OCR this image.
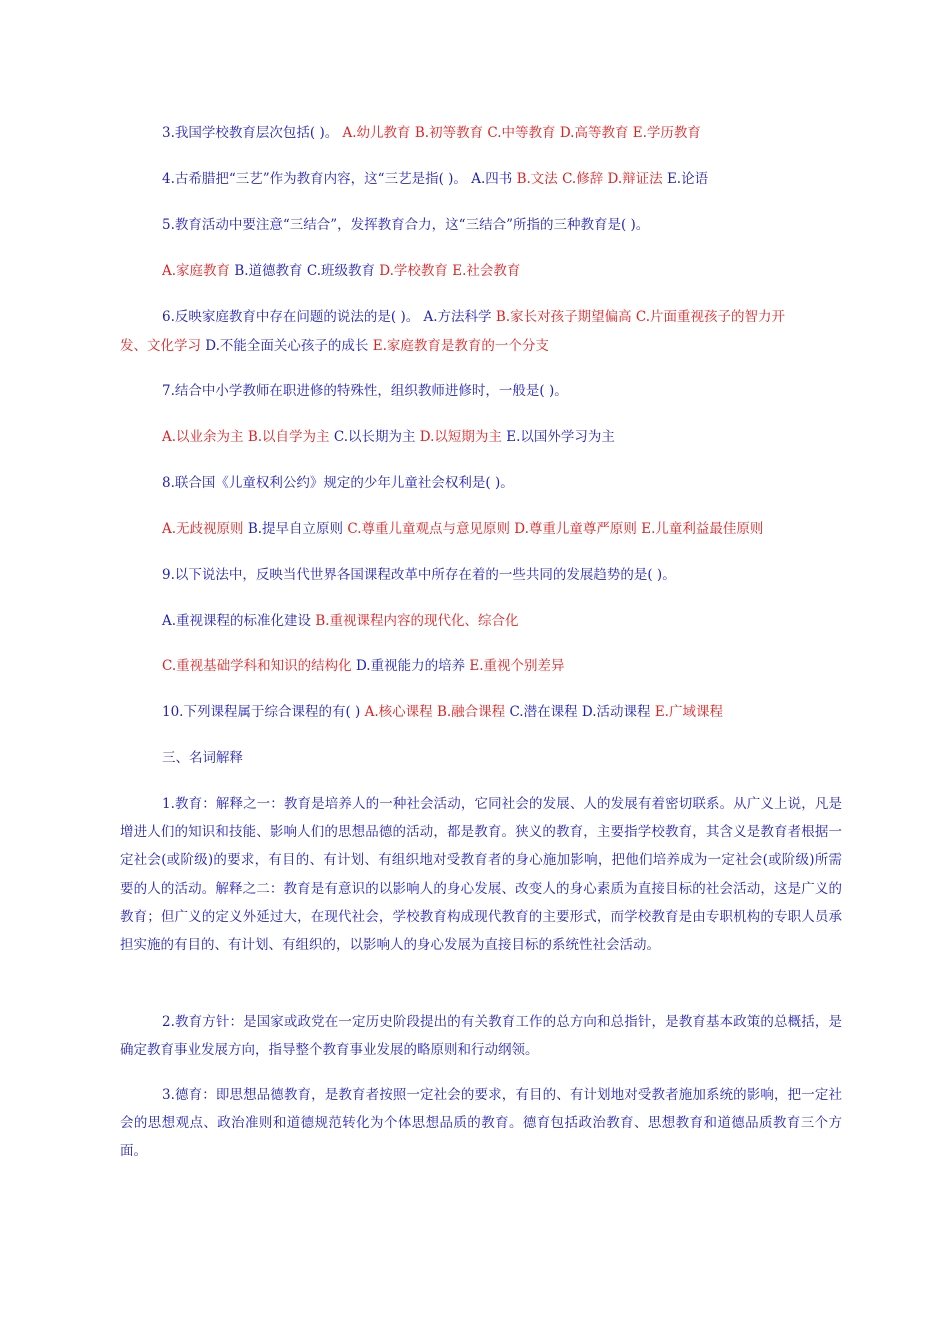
3.我国学校教育层次包括( )。 A.幼儿教育 B.初等教育 C.中等教育 D.高等教育 E.学历教育
4.古希腊把“三艺”作为教育内容，这“三艺是指( )。 A.四书 B.文法 C.修辞 D.辩证法 E.论语
5.教育活动中要注意“三结合”，发挥教育合力，这“三结合”所指的三种教育是( )。
A.家庭教育 B.道德教育 C.班级教育 D.学校教育 E.社会教育
6.反映家庭教育中存在问题的说法的是( )。 A.方法科学 B.家长对孩子期望偏高 C.片面重视孩子的智力开
发、文化学习 D.不能全面关心孩子的成长 E.家庭教育是教育的一个分支
7.结合中小学教师在职进修的特殊性，组织教师进修时，一般是( )。
A.以业余为主 B.以自学为主 C.以长期为主 D.以短期为主 E.以国外学习为主
8.联合国《儿童权利公约》规定的少年儿童社会权利是( )。
A.无歧视原则 B.提早自立原则 C.尊重儿童观点与意见原则 D.尊重儿童尊严原则 E.儿童利益最佳原则
9.以下说法中，反映当代世界各国课程改革中所存在着的一些共同的发展趋势的是( )。
A.重视课程的标准化建设 B.重视课程内容的现代化、综合化
C.重视基础学科和知识的结构化 D.重视能力的培养 E.重视个别差异
10.下列课程属于综合课程的有( ) A.核心课程 B.融合课程 C.潜在课程 D.活动课程 E.广域课程
三、名词解释
1.教育：解释之一：教育是培养人的一种社会活动，它同社会的发展、人的发展有着密切联系。从广义上说，凡是增进人们的知识和技能、影响人们的思想品德的活动，都是教育。狭义的教育，主要指学校教育，其含义是教育者根据一定社会(或阶级)的要求，有目的、有计划、有组织地对受教育者的身心施加影响，把他们培养成为一定社会(或阶级)所需要的人的活动。解释之二：教育是有意识的以影响人的身心发展、改变人的身心素质为直接目标的社会活动，这是广义的教育；但广义的定义外延过大，在现代社会，学校教育构成现代教育的主要形式，而学校教育是由专职机构的专职人员承担实施的有目的、有计划、有组织的，以影响人的身心发展为直接目标的系统性社会活动。
2.教育方针：是国家或政党在一定历史阶段提出的有关教育工作的总方向和总指针，是教育基本政策的总概括，是确定教育事业发展方向，指导整个教育事业发展的略原则和行动纲领。
3.德育：即思想品德教育，是教育者按照一定社会的要求，有目的、有计划地对受教者施加系统的影响，把一定社会的思想观点、政治准则和道德规范转化为个体思想品质的教育。德育包括政治教育、思想教育和道德品质教育三个方面。
